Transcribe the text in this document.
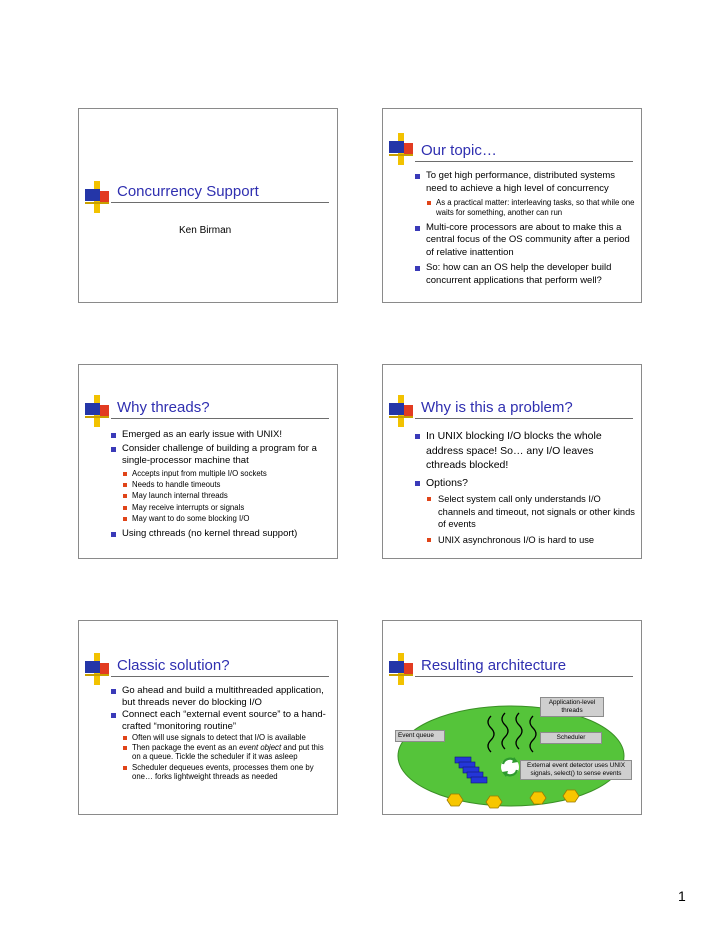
Concurrency Support
Ken Birman
Our topic…
To get high performance, distributed systems need to achieve a high level of concurrency
As a practical matter: interleaving tasks, so that while one waits for something, another can run
Multi-core processors are about to make this a central focus of the OS community after a period of relative inattention
So: how can an OS help the developer build concurrent applications that perform well?
Why threads?
Emerged as an early issue with UNIX!
Consider challenge of building a program for a single-processor machine that
Accepts input from multiple I/O sockets
Needs to handle timeouts
May launch internal threads
May receive interrupts or signals
May want to do some blocking I/O
Using cthreads (no kernel thread support)
Why is this a problem?
In UNIX blocking I/O blocks the whole address space! So… any I/O leaves cthreads blocked!
Options?
Select system call only understands I/O channels and timeout, not signals or other kinds of events
UNIX asynchronous I/O is hard to use
Classic solution?
Go ahead and build a multithreaded application, but threads never do blocking I/O
Connect each “external event source” to a hand-crafted “monitoring routine”
Often will use signals to detect that I/O is available
Then package the event as an event object and put this on a queue. Tickle the scheduler if it was asleep
Scheduler dequeues events, processes them one by one… forks lightweight threads as needed
Resulting architecture
Application-level threads
Event queue	Scheduler
External event detector uses UNIX signals, select() to sense events
1
